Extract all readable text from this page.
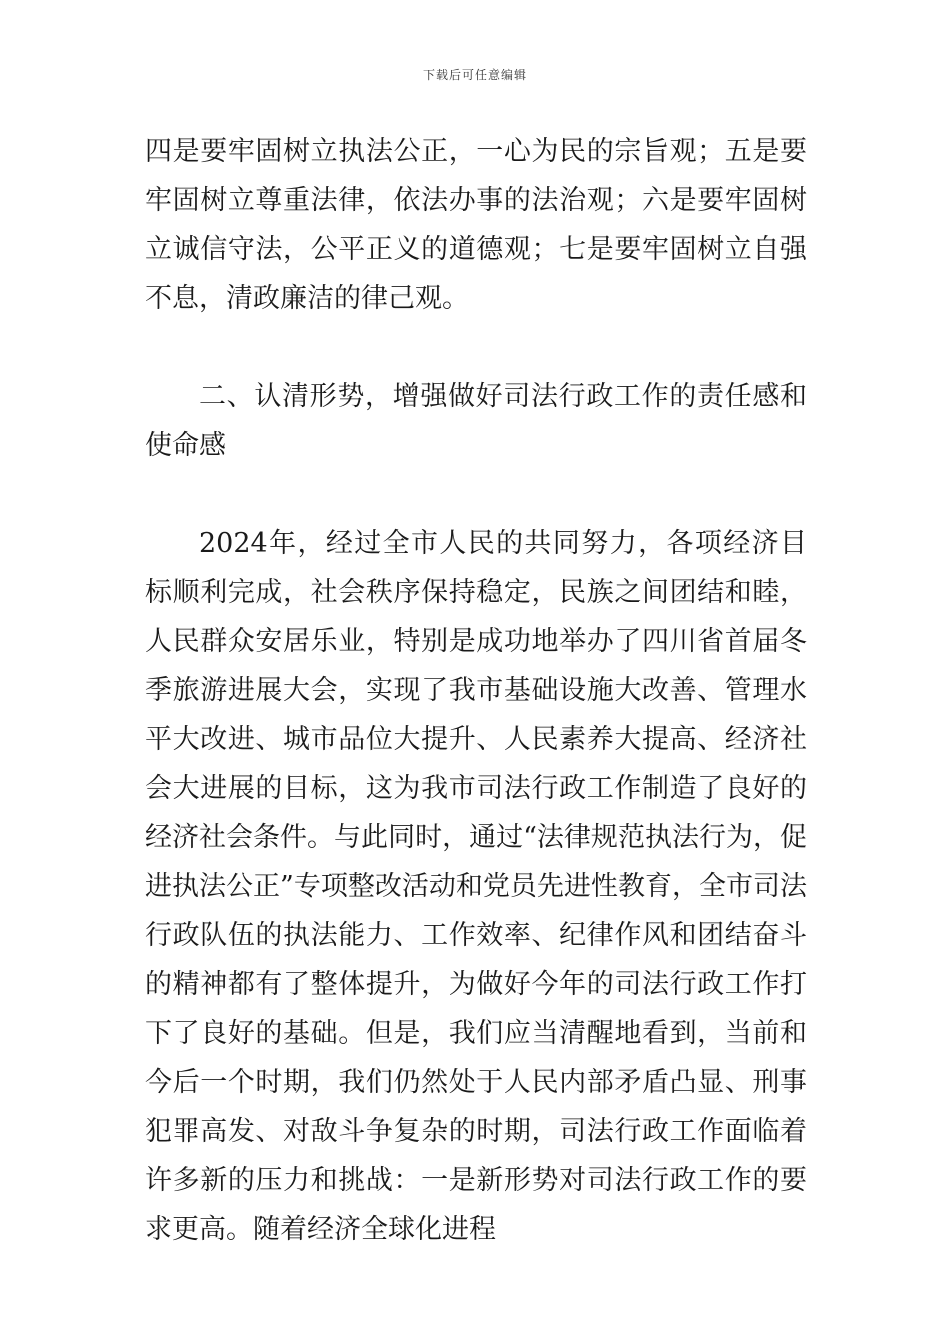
下载后可任意编辑

四是要牢固树立执法公正，一心为民的宗旨观；五是要牢固树立尊重法律，依法办事的法治观；六是要牢固树立诚信守法，公平正义的道德观；七是要牢固树立自强不息，清政廉洁的律己观。

二、认清形势，增强做好司法行政工作的责任感和使命感

2024年，经过全市人民的共同努力，各项经济目标顺利完成，社会秩序保持稳定，民族之间团结和睦，人民群众安居乐业，特别是成功地举办了四川省首届冬季旅游进展大会，实现了我市基础设施大改善、管理水平大改进、城市品位大提升、人民素养大提高、经济社会大进展的目标，这为我市司法行政工作制造了良好的经济社会条件。与此同时，通过“法律规范执法行为，促进执法公正”专项整改活动和党员先进性教育，全市司法行政队伍的执法能力、工作效率、纪律作风和团结奋斗的精神都有了整体提升，为做好今年的司法行政工作打下了良好的基础。但是，我们应当清醒地看到，当前和今后一个时期，我们仍然处于人民内部矛盾凸显、刑事犯罪高发、对敌斗争复杂的时期，司法行政工作面临着许多新的压力和挑战：一是新形势对司法行政工作的要求更高。随着经济全球化进程
